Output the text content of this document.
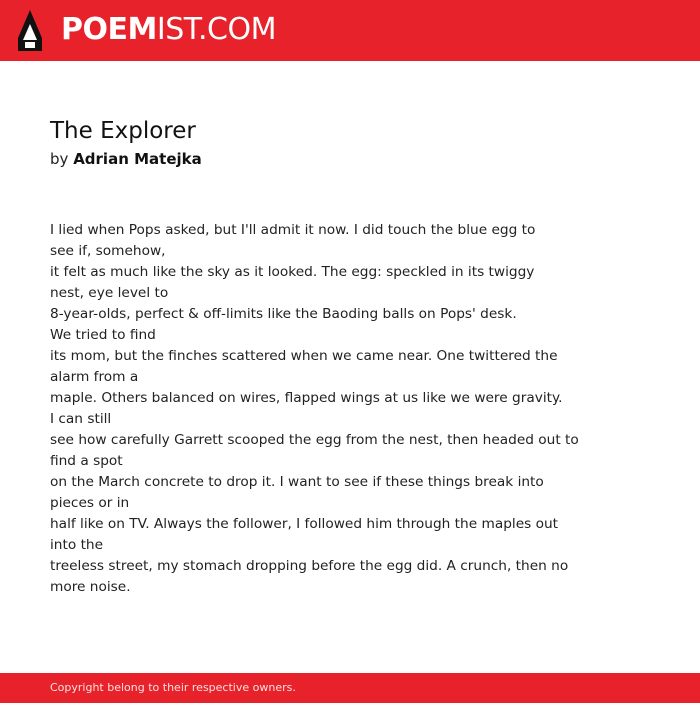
POEMIST.COM
The Explorer
by Adrian Matejka
I lied when Pops asked, but I'll admit it now. I did touch the blue egg to
see if, somehow,
it felt as much like the sky as it looked. The egg: speckled in its twiggy
nest, eye level to
8-year-olds, perfect & off-limits like the Baoding balls on Pops' desk.
We tried to find
its mom, but the finches scattered when we came near. One twittered the
alarm from a
maple. Others balanced on wires, flapped wings at us like we were gravity.
I can still
see how carefully Garrett scooped the egg from the nest, then headed out to
find a spot
on the March concrete to drop it. I want to see if these things break into
pieces or in
half like on TV. Always the follower, I followed him through the maples out
into the
treeless street, my stomach dropping before the egg did. A crunch, then no
more noise.
Copyright belong to their respective owners.
